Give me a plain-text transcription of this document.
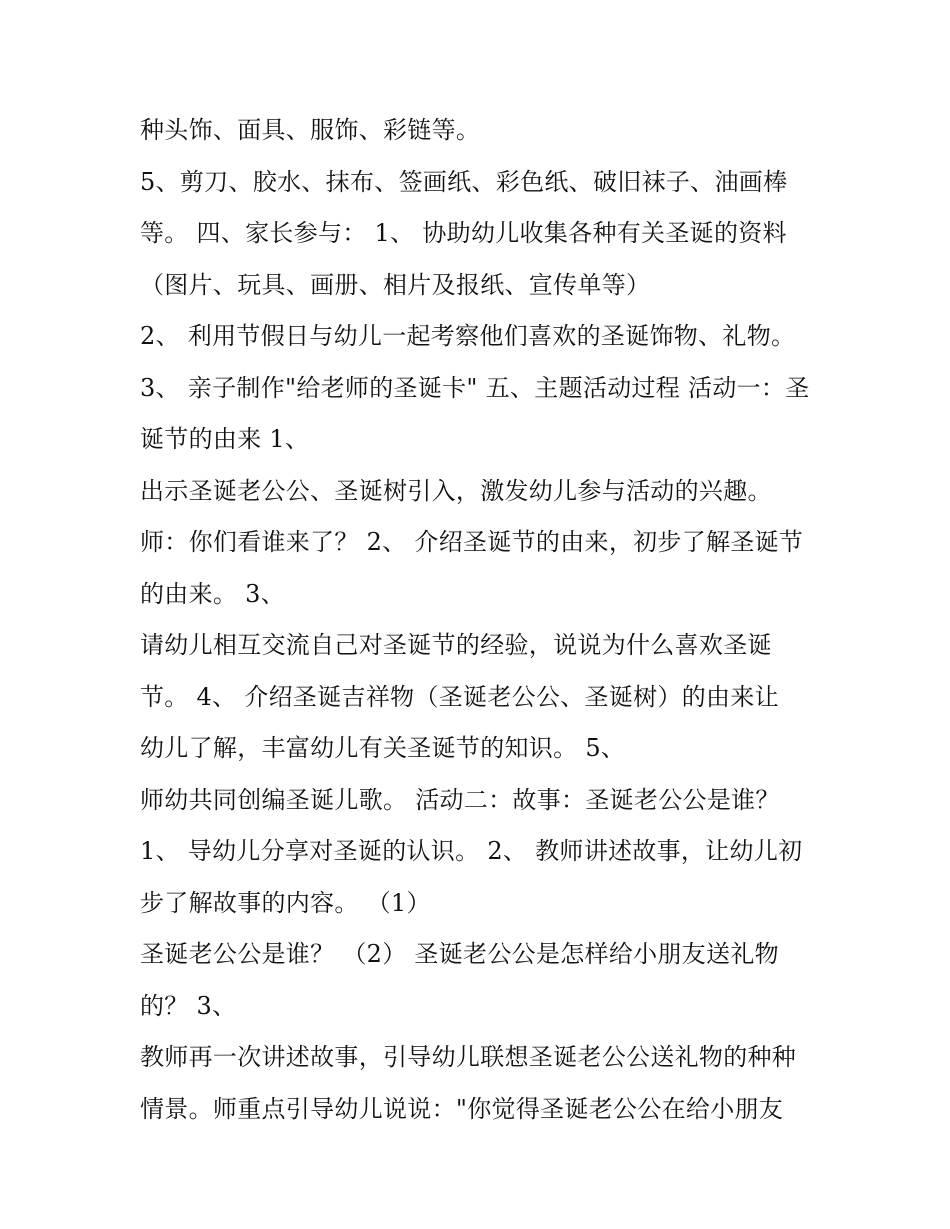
种头饰、面具、服饰、彩链等。
5、剪刀、胶水、抹布、签画纸、彩色纸、破旧袜子、油画棒
等。 四、家长参与： 1、 协助幼儿收集各种有关圣诞的资料
（图片、玩具、画册、相片及报纸、宣传单等）
2、 利用节假日与幼儿一起考察他们喜欢的圣诞饰物、礼物。
3、 亲子制作"给老师的圣诞卡" 五、主题活动过程 活动一：圣
诞节的由来 1、
出示圣诞老公公、圣诞树引入，激发幼儿参与活动的兴趣。
师：你们看谁来了？ 2、 介绍圣诞节的由来，初步了解圣诞节
的由来。 3、
请幼儿相互交流自己对圣诞节的经验，说说为什么喜欢圣诞
节。 4、 介绍圣诞吉祥物（圣诞老公公、圣诞树）的由来让
幼儿了解，丰富幼儿有关圣诞节的知识。 5、
师幼共同创编圣诞儿歌。 活动二：故事：圣诞老公公是谁？
1、 导幼儿分享对圣诞的认识。 2、 教师讲述故事，让幼儿初
步了解故事的内容。 （1）
圣诞老公公是谁？ （2） 圣诞老公公是怎样给小朋友送礼物
的？ 3、
教师再一次讲述故事，引导幼儿联想圣诞老公公送礼物的种种
情景。师重点引导幼儿说说："你觉得圣诞老公公在给小朋友
